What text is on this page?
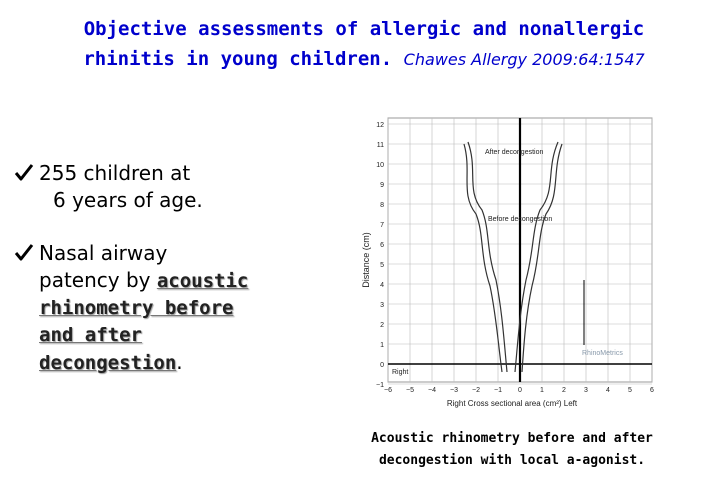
Objective assessments of allergic and nonallergic
rhinitis in young children. Chawes Allergy 2009:64:1547
255 children at
6 years of age.
Nasal airway
patency by acoustic
rhinometry before
and after
decongestion.
12
11
10
9
8
7
6
5
4
3
2
1
0
−1
−6 −5 −4 −3 −2 −1 0	1	2	3	4	5	6
Distance (cm)
Right Cross sectional area (cm²) Left
After decongestion
Before decongestion
RhinoMetrics
Right
Acoustic rhinometry before and after
decongestion with local a-agonist.
